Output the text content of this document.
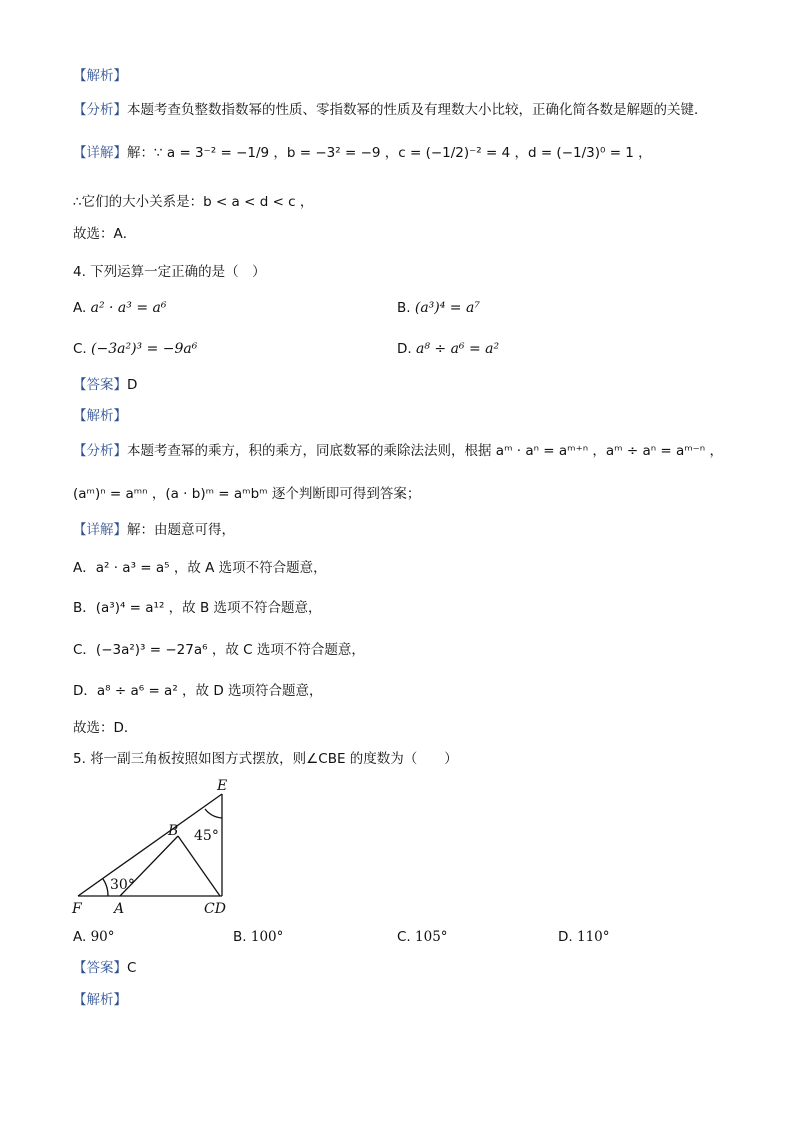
【解析】
【分析】本题考查负整数指数幂的性质、零指数幂的性质及有理数大小比较，正确化简各数是解题的关键．
【详解】解：∵ a = 3⁻² = −1/9 ，b = −3² = −9 ，c = (−1/2)⁻² = 4 ，d = (−1/3)⁰ = 1 ，
∴它们的大小关系是：b < a < d < c ，
故选：A．
4. 下列运算一定正确的是（　）
A. a² · a³ = a⁶	B. (a³)⁴ = a⁷
C. (−3a²)³ = −9a⁶	D. a⁸ ÷ a⁶ = a²
【答案】D
【解析】
【分析】本题考查幂的乘方，积的乘方，同底数幂的乘除法法则，根据 aᵐ · aⁿ = aᵐ⁺ⁿ ，aᵐ ÷ aⁿ = aᵐ⁻ⁿ ，
(aᵐ)ⁿ = aᵐⁿ ，(a · b)ᵐ = aᵐbᵐ 逐个判断即可得到答案；
【详解】解：由题意可得，
A．a² · a³ = a⁵ ，故 A 选项不符合题意，
B．(a³)⁴ = a¹² ，故 B 选项不符合题意，
C．(−3a²)³ = −27a⁶ ，故 C 选项不符合题意，
D．a⁸ ÷ a⁶ = a² ，故 D 选项符合题意，
故选：D．
5. 将一副三角板按照如图方式摆放，则∠CBE 的度数为（　　）
E
B
F A	CD
45°
30°
A. 90°	B. 100°	C. 105°	D. 110°
【答案】C
【解析】
